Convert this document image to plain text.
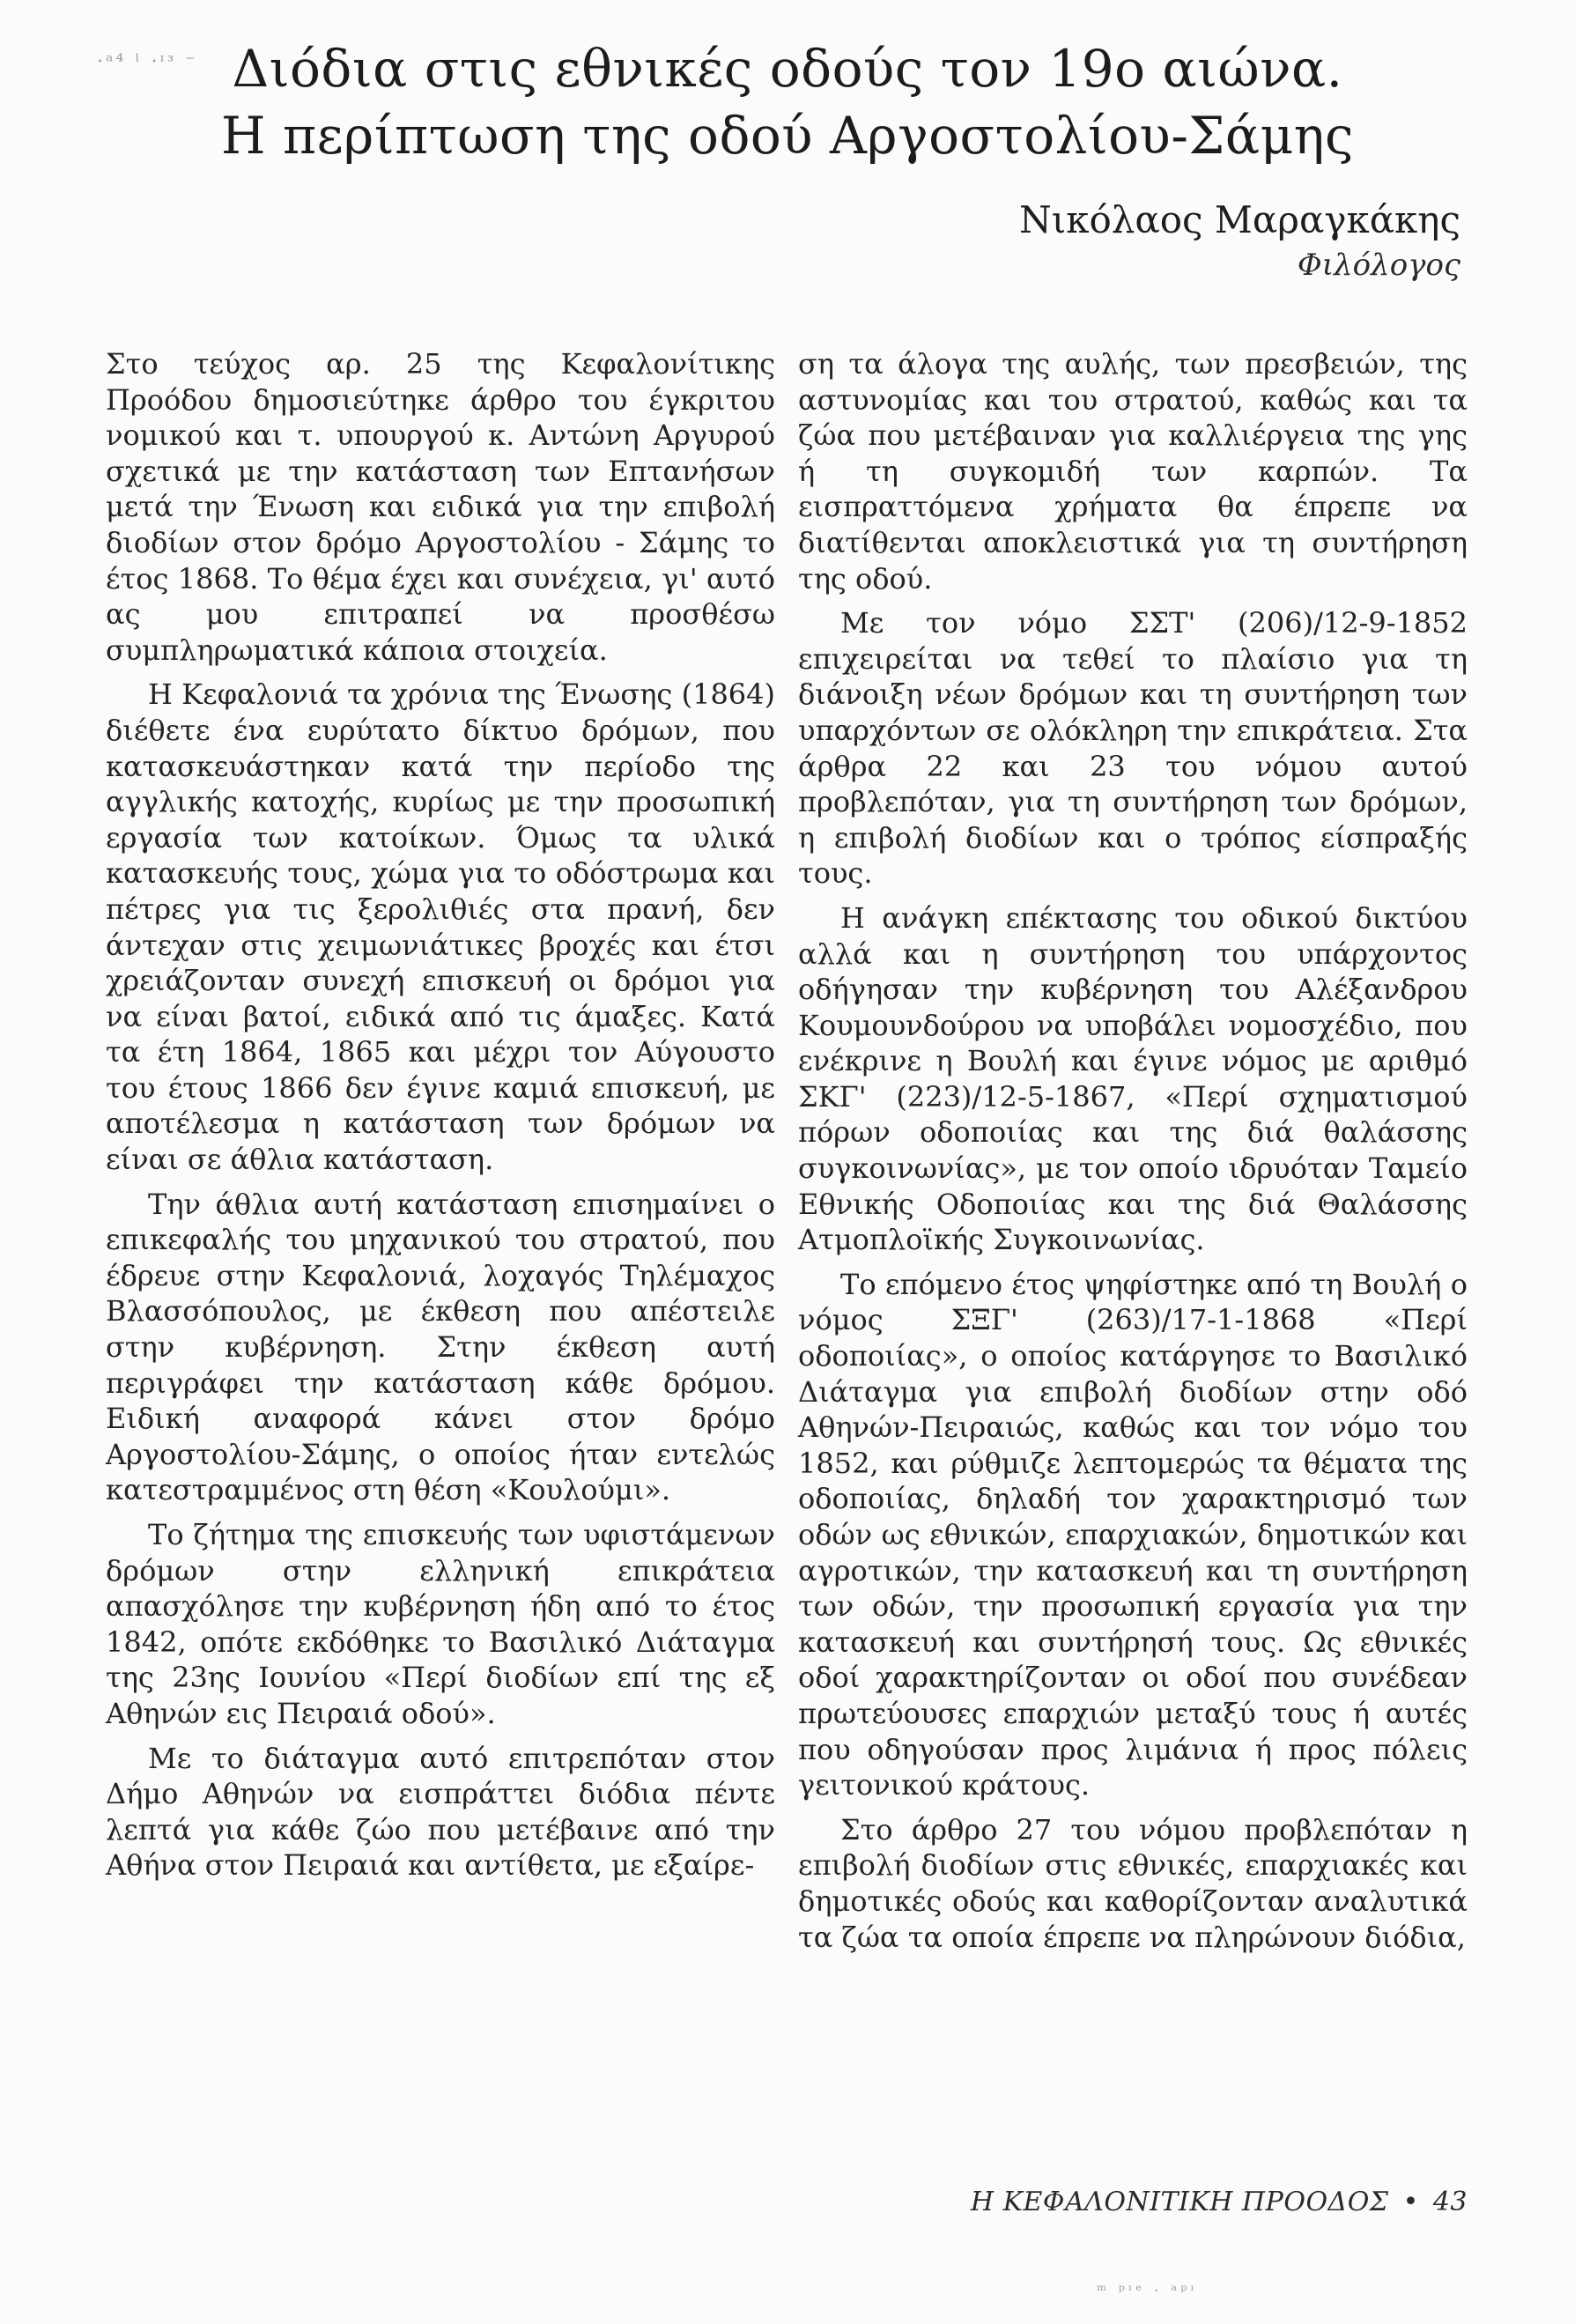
·ᵃ⁴ ˡ ·ᶦᵌ ⁻ Διόδια στις εθνικές οδούς τον 19ο αιώνα.
Η περίπτωση της οδού Αργοστολίου-Σάμης
Νικόλαος Μαραγκάκης
Φιλόλογος

Στο τεύχος αρ. 25 της Κεφαλονίτικης Προόδου δημοσιεύτηκε άρθρο του έγκριτου νομικού και τ. υπουργού κ. Αντώνη Αργυρού σχετικά με την κατάσταση των Επτανήσων μετά την Ένωση και ειδικά για την επιβολή διοδίων στον δρόμο Αργοστολίου - Σάμης το έτος 1868. Το θέμα έχει και συνέχεια, γι' αυτό ας μου επιτραπεί να προσθέσω συμπληρωματικά κάποια στοιχεία.

Η Κεφαλονιά τα χρόνια της Ένωσης (1864) διέθετε ένα ευρύτατο δίκτυο δρόμων, που κατασκευάστηκαν κατά την περίοδο της αγγλικής κατοχής, κυρίως με την προσωπική εργασία των κατοίκων. Όμως τα υλικά κατασκευής τους, χώμα για το οδόστρωμα και πέτρες για τις ξερολιθιές στα πρανή, δεν άντεχαν στις χειμωνιάτικες βροχές και έτσι χρειάζονταν συνεχή επισκευή οι δρόμοι για να είναι βατοί, ειδικά από τις άμαξες. Κατά τα έτη 1864, 1865 και μέχρι τον Αύγουστο του έτους 1866 δεν έγινε καμιά επισκευή, με αποτέλεσμα η κατάσταση των δρόμων να είναι σε άθλια κατάσταση.

Την άθλια αυτή κατάσταση επισημαίνει ο επικεφαλής του μηχανικού του στρατού, που έδρευε στην Κεφαλονιά, λοχαγός Τηλέμαχος Βλασσόπουλος, με έκθεση που απέστειλε στην κυβέρνηση. Στην έκθεση αυτή περιγράφει την κατάσταση κάθε δρόμου. Ειδική αναφορά κάνει στον δρόμο Αργοστολίου-Σάμης, ο οποίος ήταν εντελώς κατεστραμμένος στη θέση «Κουλούμι».

Το ζήτημα της επισκευής των υφιστάμενων δρόμων στην ελληνική επικράτεια απασχόλησε την κυβέρνηση ήδη από το έτος 1842, οπότε εκδόθηκε το Βασιλικό Διάταγμα της 23ης Ιουνίου «Περί διοδίων επί της εξ Αθηνών εις Πειραιά οδού».

Με το διάταγμα αυτό επιτρεπόταν στον Δήμο Αθηνών να εισπράττει διόδια πέντε λεπτά για κάθε ζώο που μετέβαινε από την Αθήνα στον Πειραιά και αντίθετα, με εξαίρε-

ση τα άλογα της αυλής, των πρεσβειών, της αστυνομίας και του στρατού, καθώς και τα ζώα που μετέβαιναν για καλλιέργεια της γης ή τη συγκομιδή των καρπών. Τα εισπραττόμενα χρήματα θα έπρεπε να διατίθενται αποκλειστικά για τη συντήρηση της οδού.

Με τον νόμο ΣΣΤ' (206)/12-9-1852 επιχειρείται να τεθεί το πλαίσιο για τη διάνοιξη νέων δρόμων και τη συντήρηση των υπαρχόντων σε ολόκληρη την επικράτεια. Στα άρθρα 22 και 23 του νόμου αυτού προβλεπόταν, για τη συντήρηση των δρόμων, η επιβολή διοδίων και ο τρόπος είσπραξής τους.

Η ανάγκη επέκτασης του οδικού δικτύου αλλά και η συντήρηση του υπάρχοντος οδήγησαν την κυβέρνηση του Αλέξανδρου Κουμουνδούρου να υποβάλει νομοσχέδιο, που ενέκρινε η Βουλή και έγινε νόμος με αριθμό ΣΚΓ' (223)/12-5-1867, «Περί σχηματισμού πόρων οδοποιίας και της διά θαλάσσης συγκοινωνίας», με τον οποίο ιδρυόταν Ταμείο Εθνικής Οδοποιίας και της διά Θαλάσσης Ατμοπλοϊκής Συγκοινωνίας.

Το επόμενο έτος ψηφίστηκε από τη Βουλή ο νόμος ΣΞΓ' (263)/17-1-1868 «Περί οδοποιίας», ο οποίος κατάργησε το Βασιλικό Διάταγμα για επιβολή διοδίων στην οδό Αθηνών-Πειραιώς, καθώς και τον νόμο του 1852, και ρύθμιζε λεπτομερώς τα θέματα της οδοποιίας, δηλαδή τον χαρακτηρισμό των οδών ως εθνικών, επαρχιακών, δημοτικών και αγροτικών, την κατασκευή και τη συντήρηση των οδών, την προσωπική εργασία για την κατασκευή και συντήρησή τους. Ως εθνικές οδοί χαρακτηρίζονταν οι οδοί που συνέδεαν πρωτεύουσες επαρχιών μεταξύ τους ή αυτές που οδηγούσαν προς λιμάνια ή προς πόλεις γειτονικού κράτους.

Στο άρθρο 27 του νόμου προβλεπόταν η επιβολή διοδίων στις εθνικές, επαρχιακές και δημοτικές οδούς και καθορίζονταν αναλυτικά τα ζώα τα οποία έπρεπε να πληρώνουν διόδια,

Η ΚΕΦΑΛΟΝΙΤΙΚΗ ΠΡΟΟΔΟΣ • 43
ᵐ ᵖᶦᵉ · ᵃᵖᶦ
